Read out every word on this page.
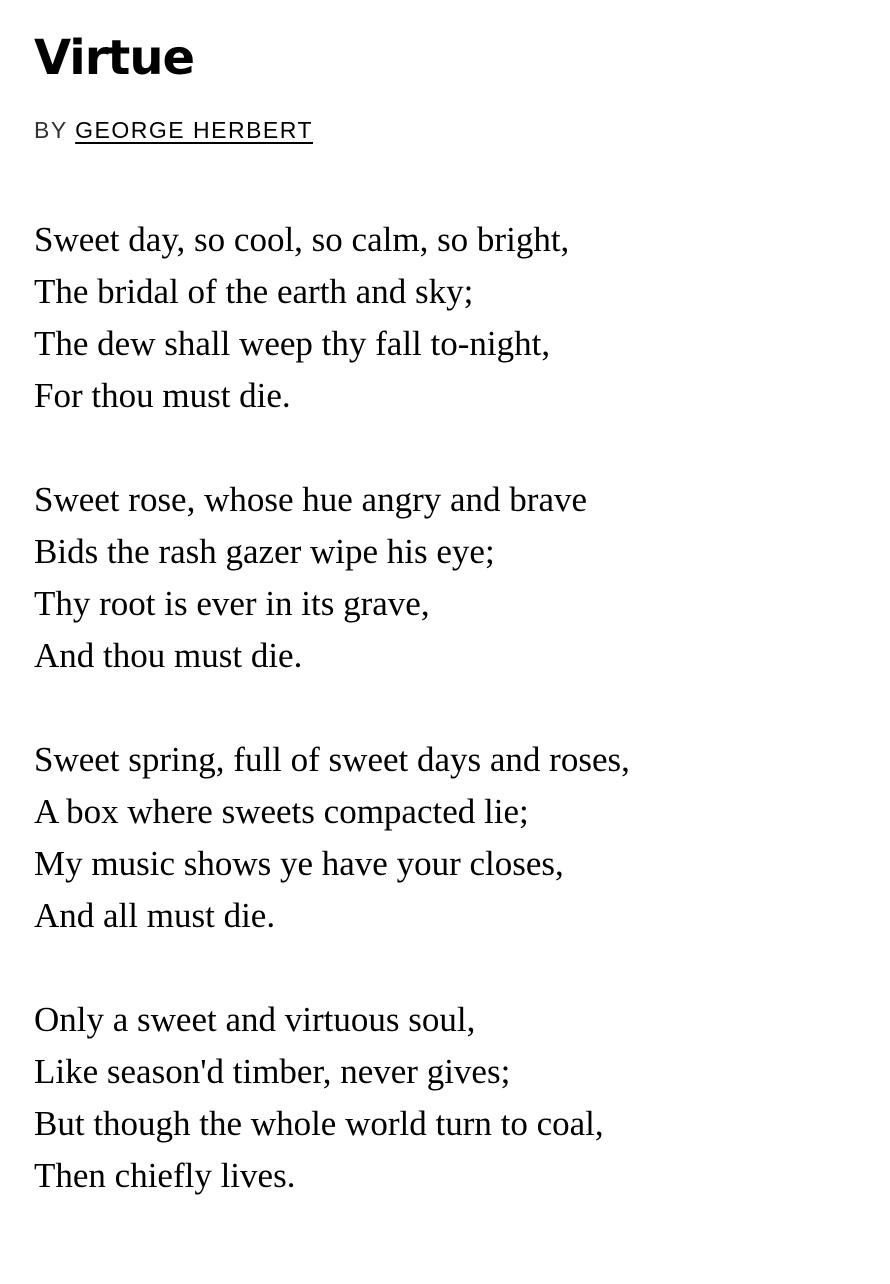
Virtue
BY GEORGE HERBERT
Sweet day, so cool, so calm, so bright,
The bridal of the earth and sky;
The dew shall weep thy fall to-night,
For thou must die.
Sweet rose, whose hue angry and brave
Bids the rash gazer wipe his eye;
Thy root is ever in its grave,
And thou must die.
Sweet spring, full of sweet days and roses,
A box where sweets compacted lie;
My music shows ye have your closes,
And all must die.
Only a sweet and virtuous soul,
Like season'd timber, never gives;
But though the whole world turn to coal,
Then chiefly lives.
